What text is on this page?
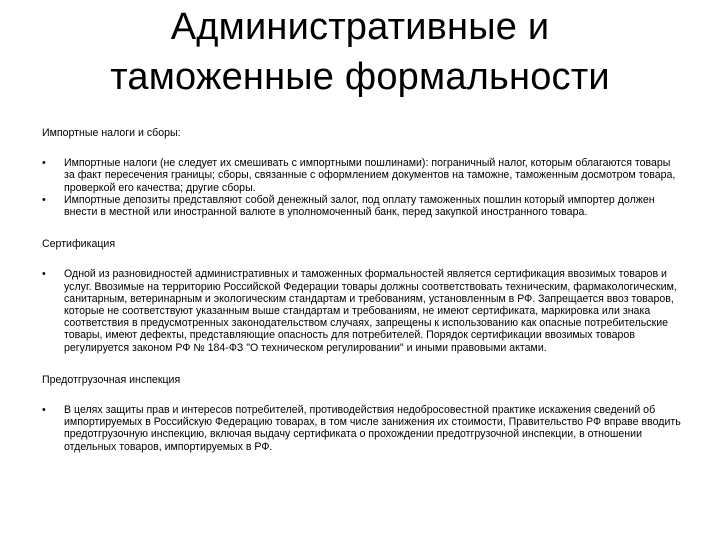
Административные и
таможенные формальности

Импортные налоги и сборы:

•	Импортные налоги (не следует их смешивать с импортными пошлинами): пограничный налог, которым облагаются товары за факт пересечения границы; сборы, связанные с оформлением документов на таможне, таможенным досмотром товара, проверкой его качества; другие сборы.
•	Импортные депозиты представляют собой денежный залог, под оплату таможенных пошлин который импортер должен внести в местной или иностранной валюте в уполномоченный банк, перед закупкой иностранного товара.

Сертификация

•	Одной из разновидностей административных и таможенных формальностей является сертификация ввозимых товаров и услуг. Ввозимые на территорию Российской Федерации товары должны соответствовать техническим, фармакологическим, санитарным, ветеринарным и экологическим стандартам и требованиям, установленным в РФ. Запрещается ввоз товаров, которые не соответствуют указанным выше стандартам и требованиям, не имеют сертификата, маркировка или знака соответствия в предусмотренных законодательством случаях, запрещены к использованию как опасные потребительские товары, имеют дефекты, представляющие опасность для потребителей. Порядок сертификации ввозимых товаров регулируется законом РФ № 184-ФЗ "О техническом регулировании" и иными правовыми актами.

Предотгрузочная инспекция

•	В целях защиты прав и интересов потребителей, противодействия недобросовестной практике искажения сведений об импортируемых в Российскую Федерацию товарах, в том числе занижения их стоимости, Правительство РФ вправе вводить предотгрузочную инспекцию, включая выдачу сертификата о прохождении предотгрузочной инспекции, в отношении отдельных товаров, импортируемых в РФ.
